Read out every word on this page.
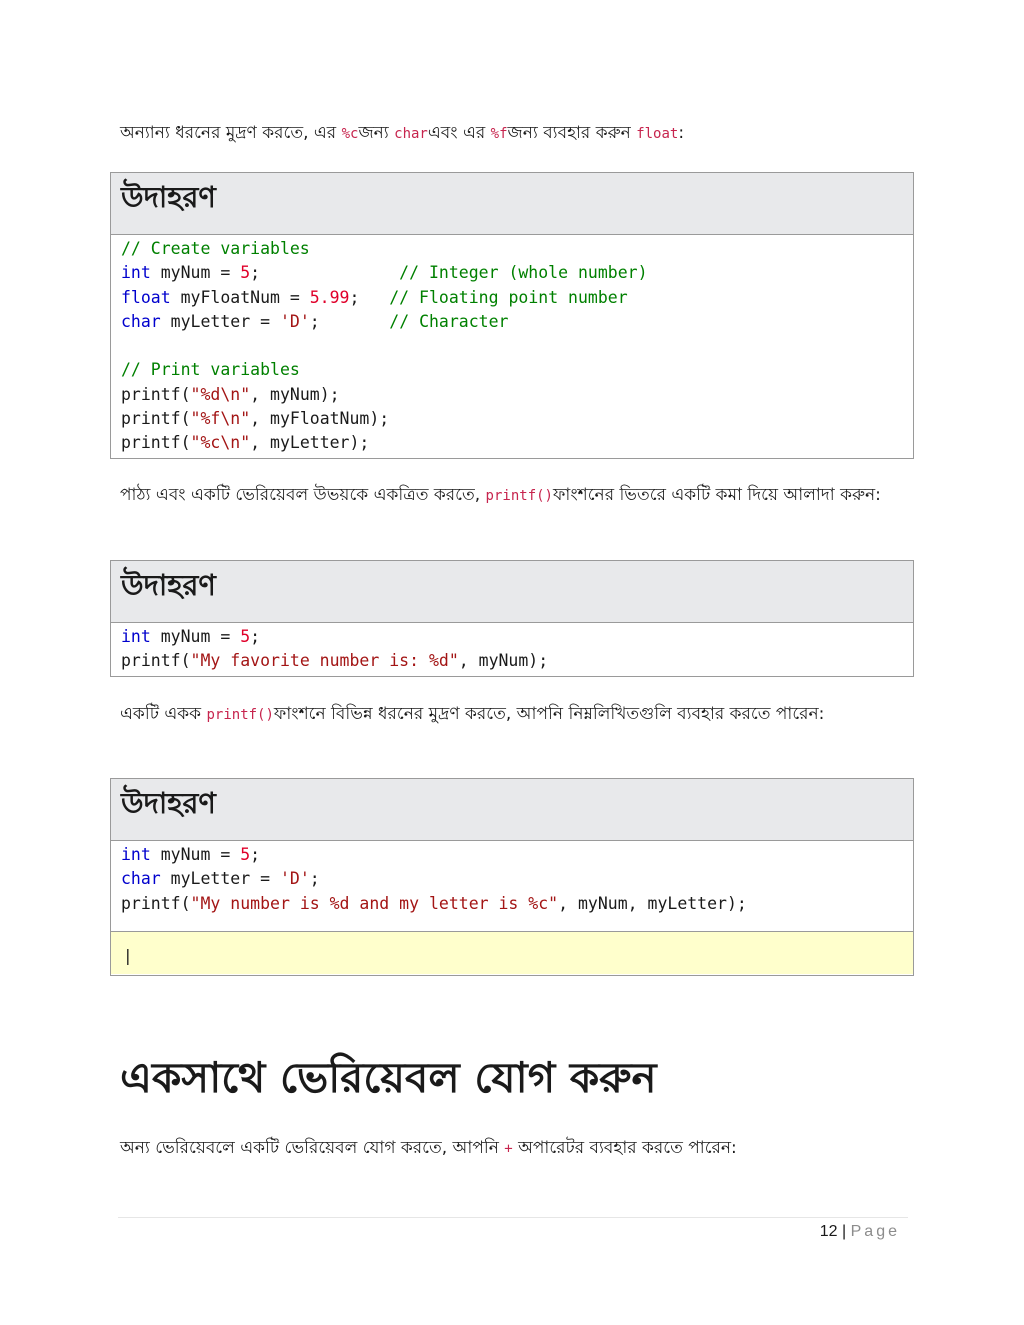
অন্যান্য ধরনের মুদ্রণ করতে, এর %cজন্য charএবং এর %fজন্য ব্যবহার করুন float:
উদাহরণ
// Create variables
int myNum = 5;              // Integer (whole number)
float myFloatNum = 5.99;   // Floating point number
char myLetter = 'D';       // Character

// Print variables
printf("%d\n", myNum);
printf("%f\n", myFloatNum);
printf("%c\n", myLetter);
পাঠ্য এবং একটি ভেরিয়েবল উভয়কে একত্রিত করতে, printf()ফাংশনের ভিতরে একটি কমা দিয়ে আলাদা করুন:
উদাহরণ
int myNum = 5;
printf("My favorite number is: %d", myNum);
একটি একক printf()ফাংশনে বিভিন্ন ধরনের মুদ্রণ করতে, আপনি নিম্নলিখিতগুলি ব্যবহার করতে পারেন:
উদাহরণ
int myNum = 5;
char myLetter = 'D';
printf("My number is %d and my letter is %c", myNum, myLetter);
|
একসাথে ভেরিয়েবল যোগ করুন
অন্য ভেরিয়েবলে একটি ভেরিয়েবল যোগ করতে, আপনি + অপারেটর ব্যবহার করতে পারেন:
12 | Page
